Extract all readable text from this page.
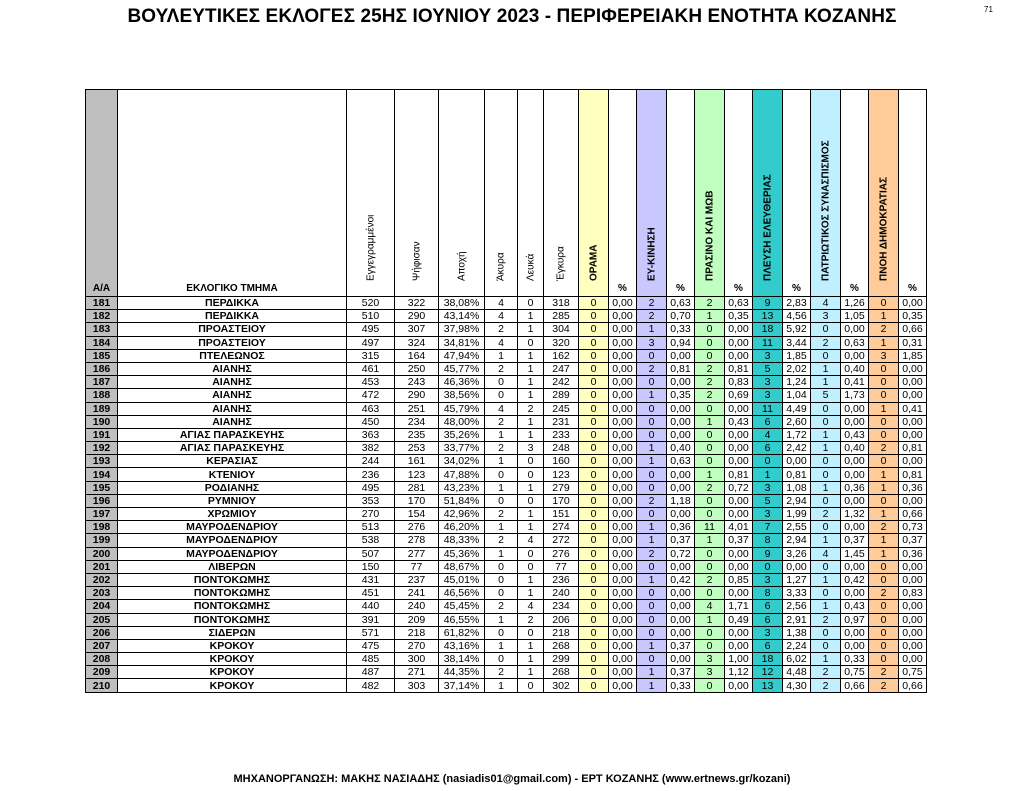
ΒΟΥΛΕΥΤΙΚΕΣ ΕΚΛΟΓΕΣ 25ΗΣ ΙΟΥΝΙΟΥ 2023 - ΠΕΡΙΦΕΡΕΙΑΚΗ ΕΝΟΤΗΤΑ ΚΟΖΑΝΗΣ	71
Α/Α	ΕΚΛΟΓΙΚΟ ΤΜΗΜΑ	Εγγεγραμμένοι	Ψήφισαν	Αποχή	Άκυρα	Λευκά	Έγκυρα	ΟΡΑΜΑ	%	ΕΥ-ΚΙΝΗΣΗ	%	ΠΡΑΣΙΝΟ ΚΑΙ ΜΩΒ	%	ΠΛΕΥΣΗ ΕΛΕΥΘΕΡΙΑΣ	%	ΠΑΤΡΙΩΤΙΚΟΣ ΣΥΝΑΣΠΙΣΜΟΣ	%	ΠΝΟΗ ΔΗΜΟΚΡΑΤΙΑΣ	%
181	ΠΕΡΔΙΚΚΑ	520	322	38,08%	4	0	318	0	0,00	2	0,63	2	0,63	9	2,83	4	1,26	0	0,00
182	ΠΕΡΔΙΚΚΑ	510	290	43,14%	4	1	285	0	0,00	2	0,70	1	0,35	13	4,56	3	1,05	1	0,35
183	ΠΡΟΑΣΤΕΙΟΥ	495	307	37,98%	2	1	304	0	0,00	1	0,33	0	0,00	18	5,92	0	0,00	2	0,66
184	ΠΡΟΑΣΤΕΙΟΥ	497	324	34,81%	4	0	320	0	0,00	3	0,94	0	0,00	11	3,44	2	0,63	1	0,31
185	ΠΤΕΛΕΩΝΟΣ	315	164	47,94%	1	1	162	0	0,00	0	0,00	0	0,00	3	1,85	0	0,00	3	1,85
186	ΑΙΑΝΗΣ	461	250	45,77%	2	1	247	0	0,00	2	0,81	2	0,81	5	2,02	1	0,40	0	0,00
187	ΑΙΑΝΗΣ	453	243	46,36%	0	1	242	0	0,00	0	0,00	2	0,83	3	1,24	1	0,41	0	0,00
188	ΑΙΑΝΗΣ	472	290	38,56%	0	1	289	0	0,00	1	0,35	2	0,69	3	1,04	5	1,73	0	0,00
189	ΑΙΑΝΗΣ	463	251	45,79%	4	2	245	0	0,00	0	0,00	0	0,00	11	4,49	0	0,00	1	0,41
190	ΑΙΑΝΗΣ	450	234	48,00%	2	1	231	0	0,00	0	0,00	1	0,43	6	2,60	0	0,00	0	0,00
191	ΑΓΙΑΣ ΠΑΡΑΣΚΕΥΗΣ	363	235	35,26%	1	1	233	0	0,00	0	0,00	0	0,00	4	1,72	1	0,43	0	0,00
192	ΑΓΙΑΣ ΠΑΡΑΣΚΕΥΗΣ	382	253	33,77%	2	3	248	0	0,00	1	0,40	0	0,00	6	2,42	1	0,40	2	0,81
193	ΚΕΡΑΣΙΑΣ	244	161	34,02%	1	0	160	0	0,00	1	0,63	0	0,00	0	0,00	0	0,00	0	0,00
194	ΚΤΕΝΙΟΥ	236	123	47,88%	0	0	123	0	0,00	0	0,00	1	0,81	1	0,81	0	0,00	1	0,81
195	ΡΟΔΙΑΝΗΣ	495	281	43,23%	1	1	279	0	0,00	0	0,00	2	0,72	3	1,08	1	0,36	1	0,36
196	ΡΥΜΝΙΟΥ	353	170	51,84%	0	0	170	0	0,00	2	1,18	0	0,00	5	2,94	0	0,00	0	0,00
197	ΧΡΩΜΙΟΥ	270	154	42,96%	2	1	151	0	0,00	0	0,00	0	0,00	3	1,99	2	1,32	1	0,66
198	ΜΑΥΡΟΔΕΝΔΡΙΟΥ	513	276	46,20%	1	1	274	0	0,00	1	0,36	11	4,01	7	2,55	0	0,00	2	0,73
199	ΜΑΥΡΟΔΕΝΔΡΙΟΥ	538	278	48,33%	2	4	272	0	0,00	1	0,37	1	0,37	8	2,94	1	0,37	1	0,37
200	ΜΑΥΡΟΔΕΝΔΡΙΟΥ	507	277	45,36%	1	0	276	0	0,00	2	0,72	0	0,00	9	3,26	4	1,45	1	0,36
201	ΛΙΒΕΡΩΝ	150	77	48,67%	0	0	77	0	0,00	0	0,00	0	0,00	0	0,00	0	0,00	0	0,00
202	ΠΟΝΤΟΚΩΜΗΣ	431	237	45,01%	0	1	236	0	0,00	1	0,42	2	0,85	3	1,27	1	0,42	0	0,00
203	ΠΟΝΤΟΚΩΜΗΣ	451	241	46,56%	0	1	240	0	0,00	0	0,00	0	0,00	8	3,33	0	0,00	2	0,83
204	ΠΟΝΤΟΚΩΜΗΣ	440	240	45,45%	2	4	234	0	0,00	0	0,00	4	1,71	6	2,56	1	0,43	0	0,00
205	ΠΟΝΤΟΚΩΜΗΣ	391	209	46,55%	1	2	206	0	0,00	0	0,00	1	0,49	6	2,91	2	0,97	0	0,00
206	ΣΙΔΕΡΩΝ	571	218	61,82%	0	0	218	0	0,00	0	0,00	0	0,00	3	1,38	0	0,00	0	0,00
207	ΚΡΟΚΟΥ	475	270	43,16%	1	1	268	0	0,00	1	0,37	0	0,00	6	2,24	0	0,00	0	0,00
208	ΚΡΟΚΟΥ	485	300	38,14%	0	1	299	0	0,00	0	0,00	3	1,00	18	6,02	1	0,33	0	0,00
209	ΚΡΟΚΟΥ	487	271	44,35%	2	1	268	0	0,00	1	0,37	3	1,12	12	4,48	2	0,75	2	0,75
210	ΚΡΟΚΟΥ	482	303	37,14%	1	0	302	0	0,00	1	0,33	0	0,00	13	4,30	2	0,66	2	0,66
ΜΗΧΑΝΟΡΓΑΝΩΣΗ: ΜΑΚΗΣ ΝΑΣΙΑΔΗΣ (nasiadis01@gmail.com) - ΕΡΤ ΚΟΖΑΝΗΣ (www.ertnews.gr/kozani)
